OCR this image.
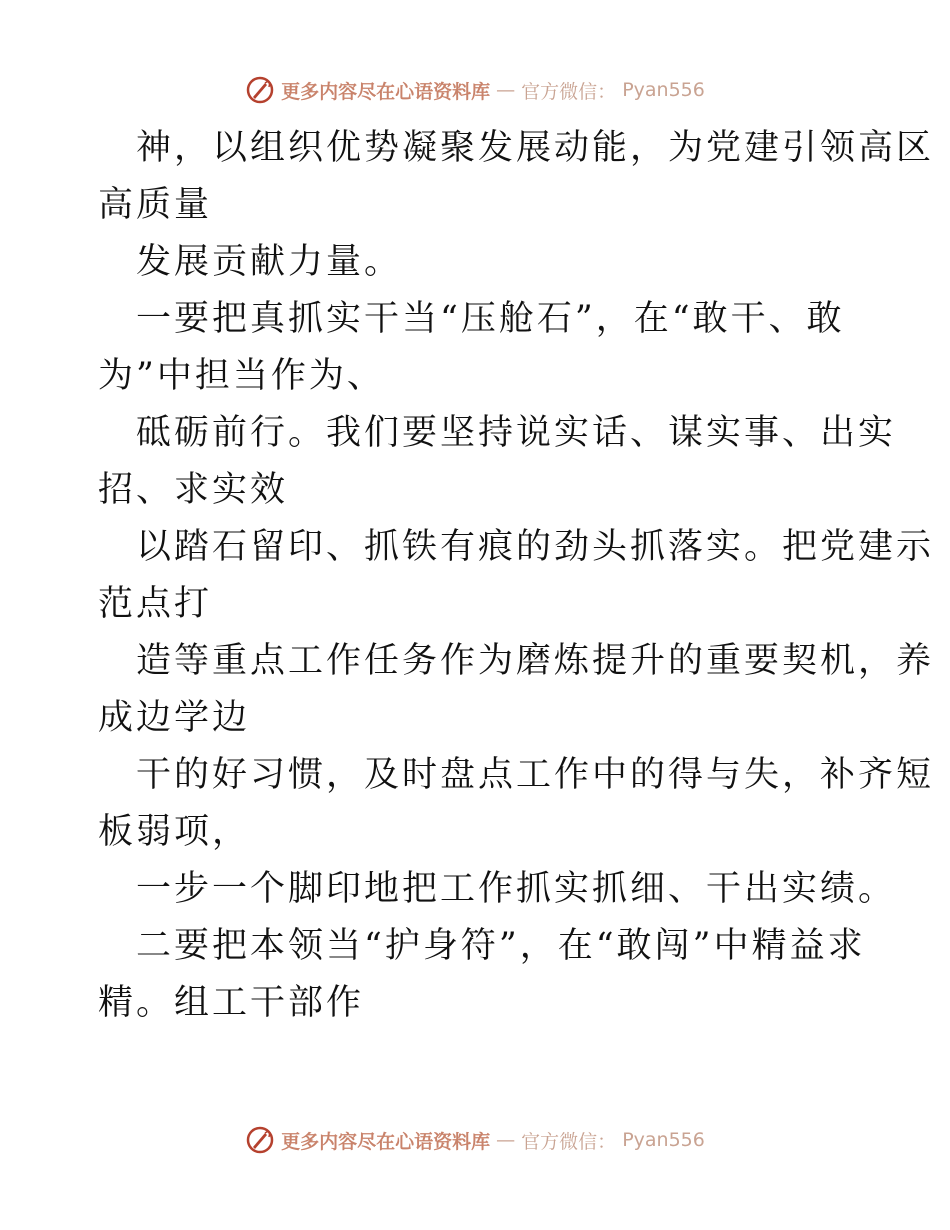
更多内容尽在心语资料库 — 官方微信： Pyan556
神，以组织优势凝聚发展动能，为党建引领高区
高质量
发展贡献力量。
一要把真抓实干当“压舱石”，在“敢干、敢
为”中担当作为、
砥砺前行。我们要坚持说实话、谋实事、出实
招、求实效
以踏石留印、抓铁有痕的劲头抓落实。把党建示
范点打
造等重点工作任务作为磨炼提升的重要契机，养
成边学边
干的好习惯，及时盘点工作中的得与失，补齐短
板弱项，
一步一个脚印地把工作抓实抓细、干出实绩。
二要把本领当“护身符”，在“敢闯”中精益求
精。组工干部作
更多内容尽在心语资料库 — 官方微信： Pyan556
